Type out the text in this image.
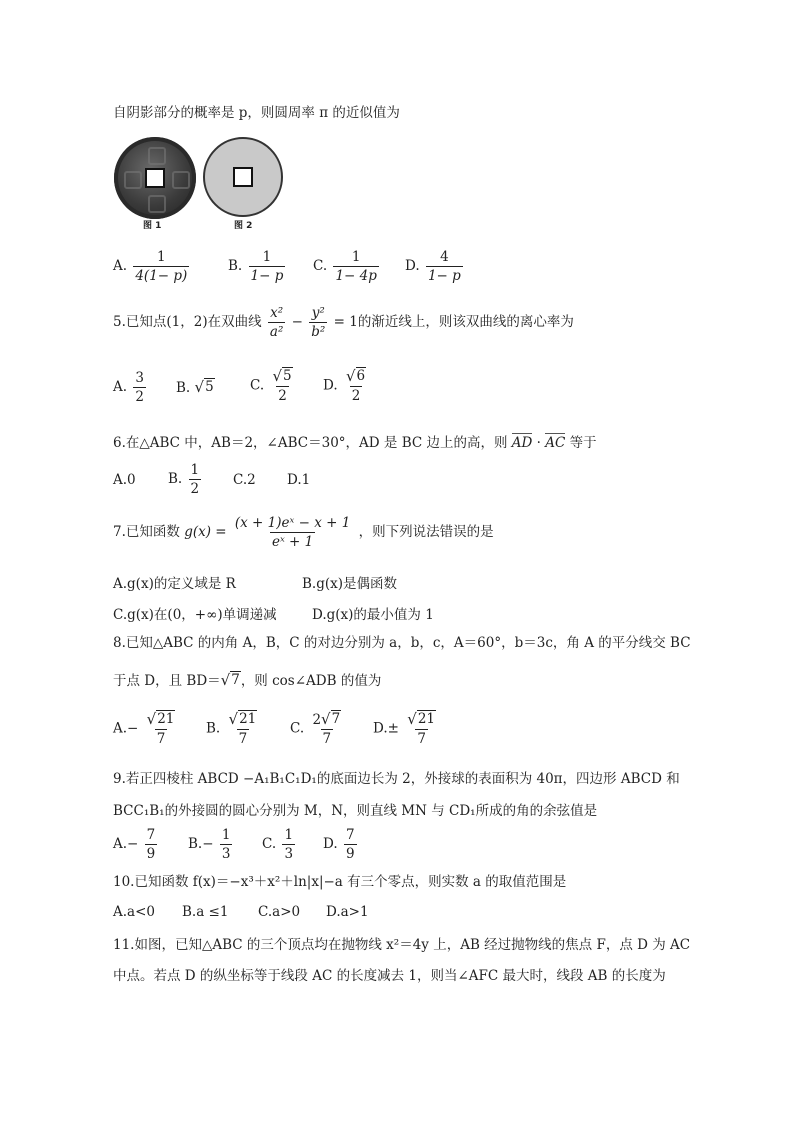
自阴影部分的概率是 p，则圆周率 π 的近似值为
图 1	图 2
A. $\frac{1}{4(1- p)}$	B. $\frac{1}{1- p} C$. $\frac{1}{1- 4p} D$. $\frac{4}{1- p}$
5.已知点(1，2)在双曲线 $\frac{\text{x²}}{\text{a²}} - \frac{\text{y²}}{\text{b²}} = 1$的渐近线上，则该双曲线的离心率为
A. $\frac{3}{2} B$. √ 5	C. $\frac{√ 5}{2} D$. $\frac{√ 6}{2}$
6.在△ABC 中，AB＝2，∠ABC＝30°，AD 是 BC 边上的高，则 AD · AC 等于
A.0 B. $\frac{1}{2} C.2$ D.1
7.已知函数 $g(x) = \frac{\text{(x + 1)eˣ − x + 1}}{\text{eˣ + 1}}$ ，则下列说法错误的是
A.g(x)的定义域是 R	B.g(x)是偶函数
C.g(x)在(0，+∞)单调递减	D.g(x)的最小值为 1
8.已知△ABC 的内角 A，B，C 的对边分别为 a，b，c，A＝60°，b＝3c，角 A 的平分线交 BC
于点 D，且 BD＝ √ 7 ，则 cos∠ADB 的值为
$A.- \frac{√ 21}{7} B$. $\frac{√ 21}{7} C$. $\frac{2 √ 7}{7} D.\pm \frac{√ 21}{7}$
9.若正四棱柱 ABCD −A₁B₁C₁D₁的底面边长为 2，外接球的表面积为 40π，四边形 ABCD 和
BCC₁B₁的外接圆的圆心分别为 M，N，则直线 MN 与 CD₁所成的角的余弦值是
$A.- \frac{7}{9} B.- \frac{1}{3} C$. $\frac{1}{3} D$. $\frac{7}{9}$
10.已知函数 f(x)＝−x³＋x²＋ln|x|−a 有三个零点，则实数 a 的取值范围是
A.a<0 B.a ≤1 C.a>0 D.a>1
11.如图，已知△ABC 的三个顶点均在抛物线 x²＝4y 上，AB 经过抛物线的焦点 F，点 D 为 AC
中点。若点 D 的纵坐标等于线段 AC 的长度减去 1，则当∠AFC 最大时，线段 AB 的长度为
